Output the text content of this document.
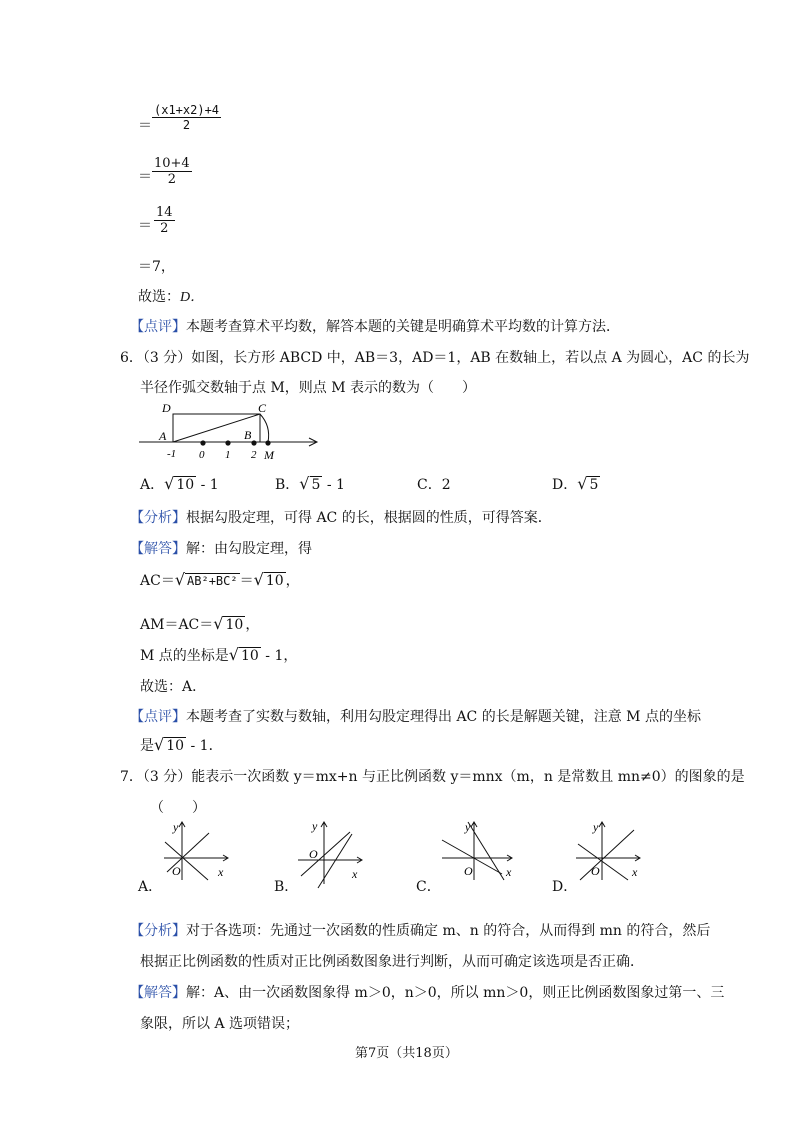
＝
(x1+x2)+4
2
＝
10+4
2
＝
14
2
＝7，
故选：D．
【点评】本题考查算术平均数，解答本题的关键是明确算术平均数的计算方法．
6．（3 分）如图，长方形 ABCD 中，AB＝3，AD＝1，AB 在数轴上，若以点 A 为圆心，AC 的长为
半径作弧交数轴于点 M，则点 M 表示的数为（　　）
D	C
A	B
M
-1 0 1 2
A．√ 10 - 1	B．√ 5 - 1	C．2	D．√ 5
【分析】根据勾股定理，可得 AC 的长，根据圆的性质，可得答案．
【解答】解：由勾股定理，得
AC＝√ AB²+BC² ＝√ 10 ，
AM＝AC＝√ 10 ，
M 点的坐标是√ 10 - 1，
故选：A．
【点评】本题考查了实数与数轴，利用勾股定理得出 AC 的长是解题关键，注意 M 点的坐标
是√ 10 - 1．
7．（3 分）能表示一次函数 y＝mx+n 与正比例函数 y＝mnx（m，n 是常数且 mn≠0）的图象的是
（　　）
y
O	x
A．
y
O
x
B．
y
O	x
C．
y
O	x
D．
【分析】对于各选项：先通过一次函数的性质确定 m、n 的符合，从而得到 mn 的符合，然后
根据正比例函数的性质对正比例函数图象进行判断，从而可确定该选项是否正确．
【解答】解：A、由一次函数图象得 m＞0，n＞0，所以 mn＞0，则正比例函数图象过第一、三
象限，所以 A 选项错误；
第7页（共18页）
